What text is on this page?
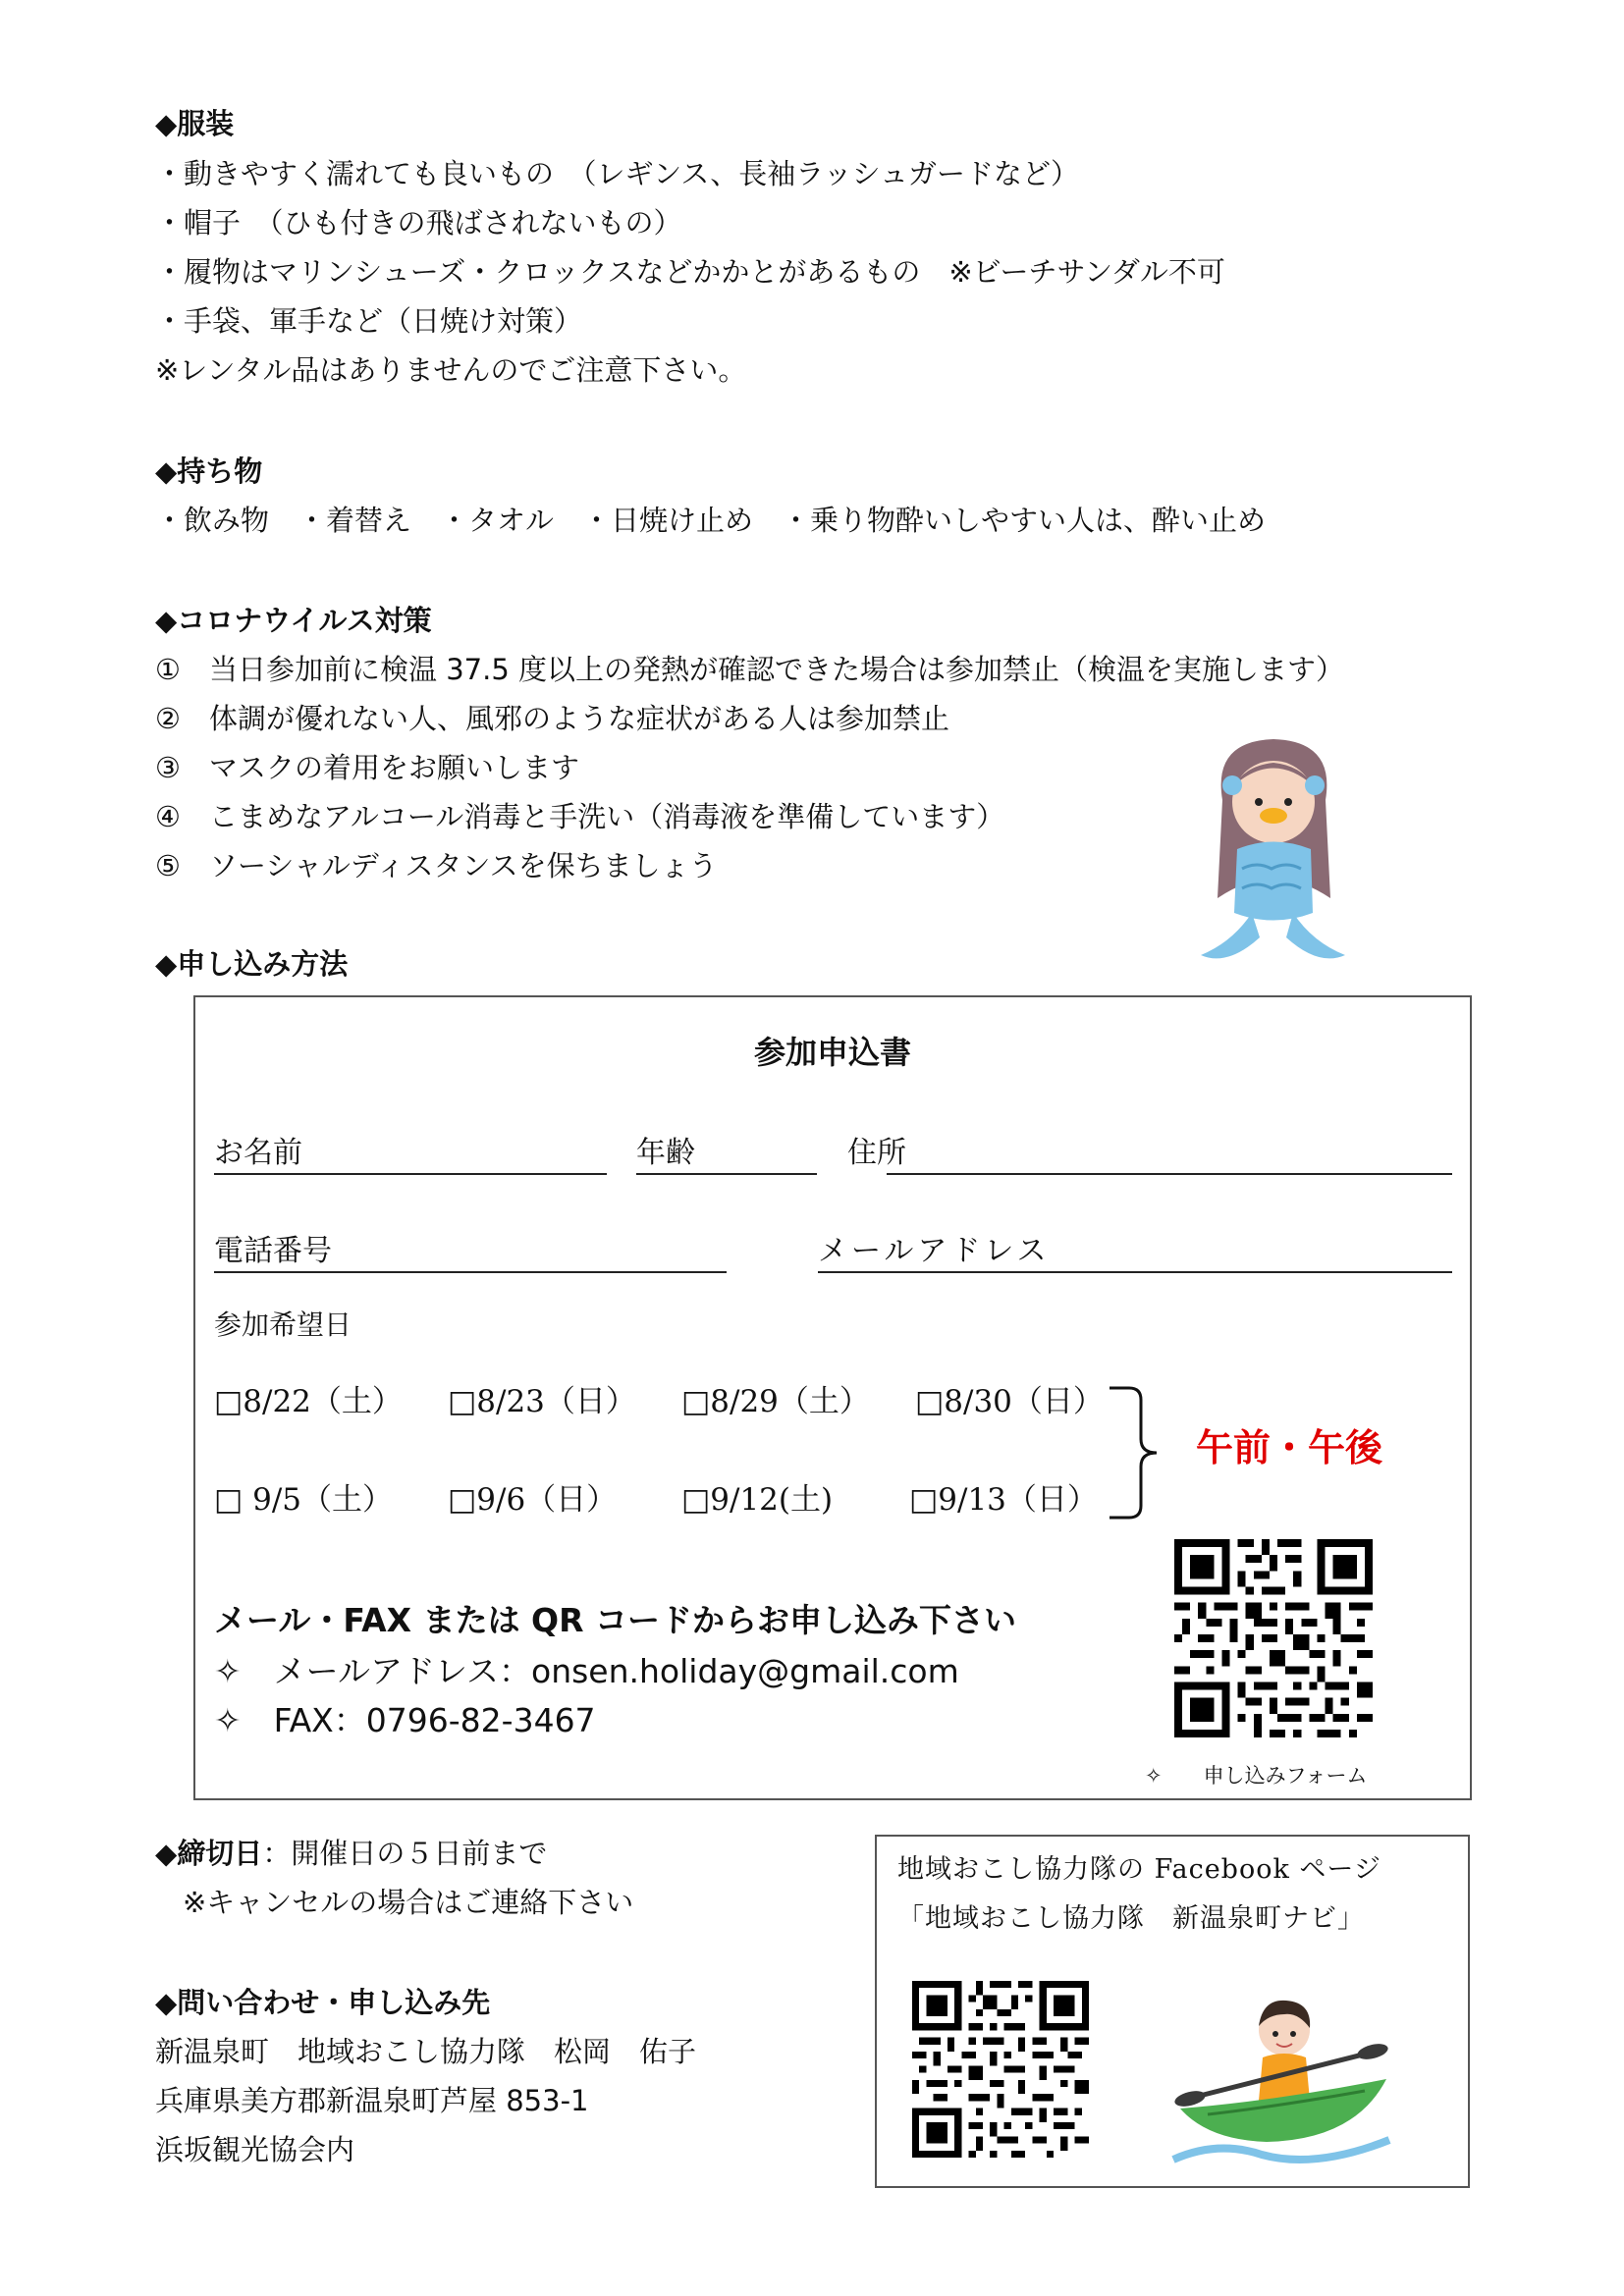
◆服装
・動きやすく濡れても良いもの　（レギンス、長袖ラッシュガードなど）
・帽子　（ひも付きの飛ばされないもの）
・履物はマリンシューズ・クロックスなどかかとがあるもの　※ビーチサンダル不可
・手袋、軍手など（日焼け対策）
※レンタル品はありませんのでご注意下さい。
◆持ち物
・飲み物　・着替え　・タオル　・日焼け止め　・乗り物酔いしやすい人は、酔い止め
◆コロナウイルス対策
①　当日参加前に検温 37.5 度以上の発熱が確認できた場合は参加禁止（検温を実施します）
②　体調が優れない人、風邪のような症状がある人は参加禁止
③　マスクの着用をお願いします
④　こまめなアルコール消毒と手洗い（消毒液を準備しています）
⑤　ソーシャルディスタンスを保ちましょう
◆申し込み方法
参加申込書
お名前	年齢	住所
電話番号	メールアドレス
参加希望日
□8/22（土） □8/23（日） □8/29（土） □8/30（日）
□ 9/5（土） □9/6（日） □9/12(土)	□9/13（日）
午前・午後
メール・FAX または QR コードからお申し込み下さい
✧　メールアドレス：onsen.holiday@gmail.com
✧　FAX：0796-82-3467
✧　　申し込みフォーム
◆締切日：開催日の５日前まで
※キャンセルの場合はご連絡下さい
◆問い合わせ・申し込み先
新温泉町　地域おこし協力隊　松岡　佑子
兵庫県美方郡新温泉町芦屋 853-1
浜坂観光協会内
地域おこし協力隊の Facebook ページ
「地域おこし協力隊　新温泉町ナビ」
